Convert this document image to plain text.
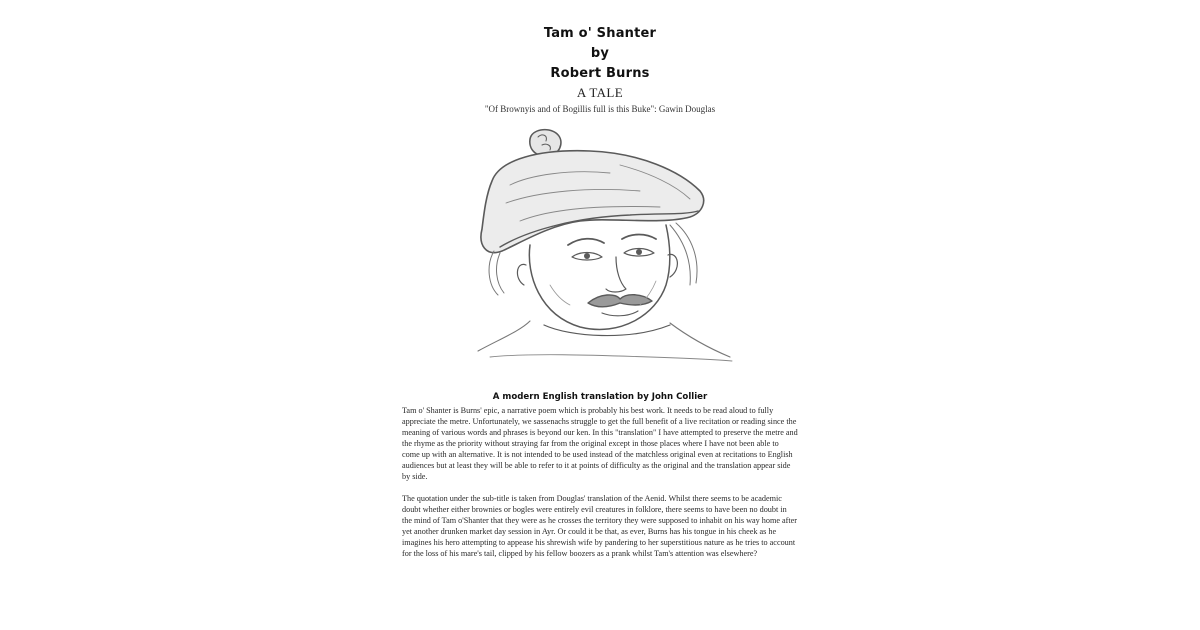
Tam o' Shanter
by
Robert Burns
A TALE
"Of Brownyis and of Bogillis full is this Buke": Gawin Douglas
A modern English translation by John Collier

Tam o' Shanter is Burns' epic, a narrative poem which is probably his best work. It needs to be read aloud to fully appreciate the metre. Unfortunately, we sassenachs struggle to get the full benefit of a live recitation or reading since the meaning of various words and phrases is beyond our ken. In this "translation" I have attempted to preserve the metre and the rhyme as the priority without straying far from the original except in those places where I have not been able to come up with an alternative. It is not intended to be used instead of the matchless original even at recitations to English audiences but at least they will be able to refer to it at points of difficulty as the original and the translation appear side by side.

The quotation under the sub-title is taken from Douglas' translation of the Aenid. Whilst there seems to be academic doubt whether either brownies or bogles were entirely evil creatures in folklore, there seems to have been no doubt in the mind of Tam o'Shanter that they were as he crosses the territory they were supposed to inhabit on his way home after yet another drunken market day session in Ayr. Or could it be that, as ever, Burns has his tongue in his cheek as he imagines his hero attempting to appease his shrewish wife by pandering to her superstitious nature as he tries to account for the loss of his mare's tail, clipped by his fellow boozers as a prank whilst Tam's attention was elsewhere?
